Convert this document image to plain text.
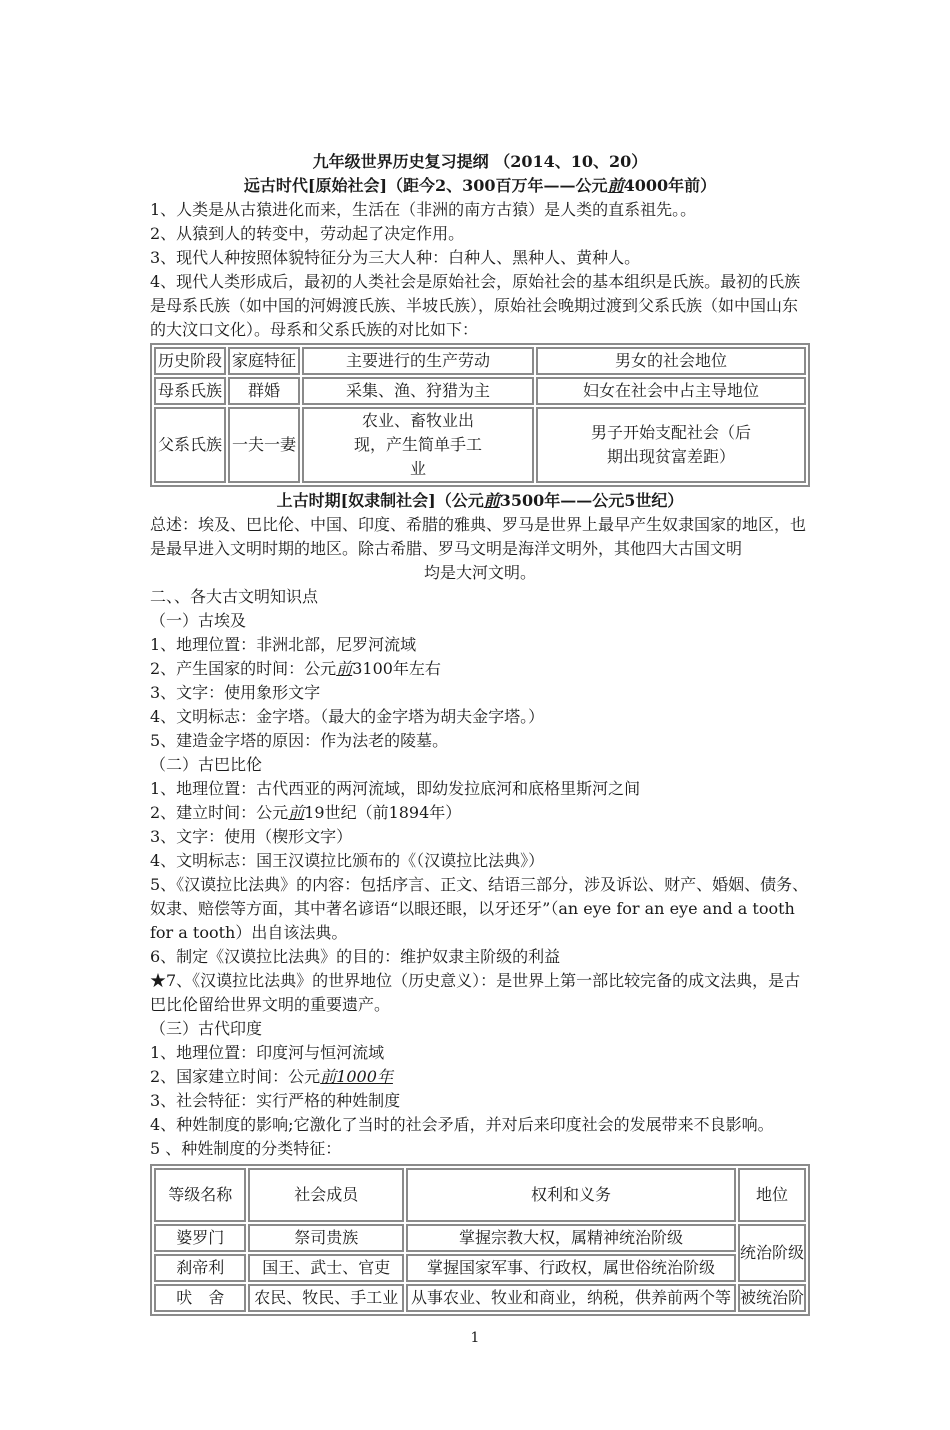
九年级世界历史复习提纲 （2014、10、20）

远古时代[原始社会]（距今2、300百万年——公元前4000年前）

1、人类是从古猿进化而来，生活在（非洲的南方古猿）是人类的直系祖先。。

2、从猿到人的转变中，劳动起了决定作用。

3、现代人种按照体貌特征分为三大人种：白种人、黑种人、黄种人。

4、现代人类形成后，最初的人类社会是原始社会，原始社会的基本组织是氏族。最初的氏族是母系氏族（如中国的河姆渡氏族、半坡氏族），原始社会晚期过渡到父系氏族（如中国山东的大汶口文化）。母系和父系氏族的对比如下：

历史阶段	家庭特征	主要进行的生产劳动	男女的社会地位
母系氏族	群婚	采集、渔、狩猎为主	妇女在社会中占主导地位
父系氏族	一夫一妻	农业、畜牧业出现，产生简单手工业	男子开始支配社会（后期出现贫富差距）

上古时期[奴隶制社会]（公元前3500年——公元5世纪）

总述：埃及、巴比伦、中国、印度、希腊的雅典、罗马是世界上最早产生奴隶国家的地区，也是最早进入文明时期的地区。除古希腊、罗马文明是海洋文明外，其他四大古国文明

均是大河文明。

二、、各大古文明知识点

（一）古埃及

1、地理位置：非洲北部，尼罗河流域

2、产生国家的时间：公元前3100年左右

3、文字：使用象形文字

4、文明标志：金字塔。（最大的金字塔为胡夫金字塔。）

5、建造金字塔的原因：作为法老的陵墓。

（二）古巴比伦

1、地理位置：古代西亚的两河流域，即幼发拉底河和底格里斯河之间

2、建立时间：公元前19世纪（前1894年）

3、文字：使用（楔形文字）

4、文明标志：国王汉谟拉比颁布的《（汉谟拉比法典》）

5、《汉谟拉比法典》的内容：包括序言、正文、结语三部分，涉及诉讼、财产、婚姻、债务、奴隶、赔偿等方面，其中著名谚语“以眼还眼，以牙还牙”（an eye for an eye and a tooth for a tooth）出自该法典。

6、制定《汉谟拉比法典》的目的：维护奴隶主阶级的利益

★7、《汉谟拉比法典》的世界地位（历史意义）：是世界上第一部比较完备的成文法典，是古巴比伦留给世界文明的重要遗产。

（三）古代印度

1、地理位置：印度河与恒河流域

2、国家建立时间：公元前1000年

3、社会特征：实行严格的种姓制度

4、种姓制度的影响;它激化了当时的社会矛盾，并对后来印度社会的发展带来不良影响。

5 、种姓制度的分类特征：

等级名称	社会成员	权利和义务	地位
婆罗门	祭司贵族	掌握宗教大权，属精神统治阶级	统治阶级
刹帝利	国王、武士、官吏	掌握国家军事、行政权，属世俗统治阶级	
吠　舍	农民、牧民、手工业	从事农业、牧业和商业，纳税，供养前两个等	被统治阶
1
